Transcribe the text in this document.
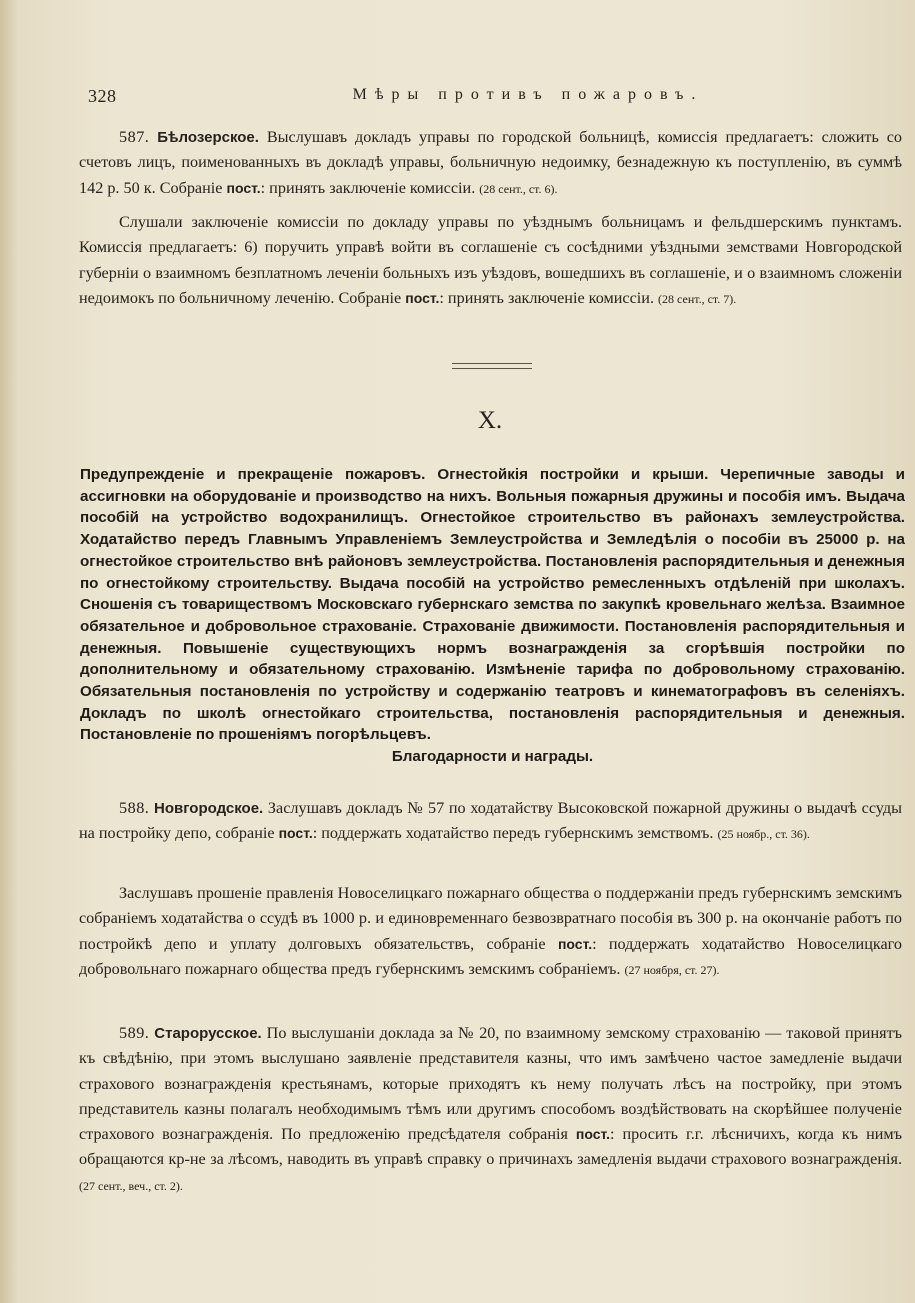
328	Мѣры противъ пожаровъ.

587. Бѣлозерское. Выслушавъ докладъ управы по городской больницѣ, комиссія предлагаетъ: сложить со счетовъ лицъ, поименованныхъ въ докладѣ управы, больничную недоимку, безнадежную къ поступленію, въ суммѣ 142 р. 50 к. Собраніе пост.: принять заключеніе комиссіи. (28 сент., ст. 6).

Слушали заключеніе комиссіи по докладу управы по уѣзднымъ больницамъ и фельдшерскимъ пунктамъ. Комиссія предлагаетъ: 6) поручить управѣ войти въ соглашеніе съ сосѣдними уѣздными земствами Новгородской губерніи о взаимномъ безплатномъ леченіи больныхъ изъ уѣздовъ, вошедшихъ въ соглашеніе, и о взаимномъ сложеніи недоимокъ по больничному леченію. Собраніе пост.: принять заключеніе комиссіи. (28 сент., ст. 7).

X.
Предупрежденіе и прекращеніе пожаровъ. Огнестойкія постройки и крыши. Черепичные заводы и ассигновки на оборудованіе и производство на нихъ. Вольныя пожарныя дружины и пособія имъ. Выдача пособій на устройство водохранилищъ. Огнестойкое строительство въ районахъ землеустройства. Ходатайство передъ Главнымъ Управленіемъ Землеустройства и Земледѣлія о пособіи въ 25000 р. на огнестойкое строительство внѣ районовъ землеустройства. Постановленія распорядительныя и денежныя по огнестойкому строительству. Выдача пособій на устройство ремесленныхъ отдѣленій при школахъ. Сношенія съ товариществомъ Московскаго губернскаго земства по закупкѣ кровельнаго желѣза. Взаимное обязательное и добровольное страхованіе. Страхованіе движимости. Постановленія распорядительныя и денежныя. Повышеніе существующихъ нормъ вознагражденія за сгорѣвшія постройки по дополнительному и обязательному страхованію. Измѣненіе тарифа по добровольному страхованію. Обязательныя постановленія по устройству и содержанію театровъ и кинематографовъ въ селеніяхъ. Докладъ по школѣ огнестойкаго строительства, постановленія распорядительныя и денежныя. Постановленіе по прошеніямъ погорѣльцевъ.
Благодарности и награды.

588. Новгородское. Заслушавъ докладъ № 57 по ходатайству Высоковской пожарной дружины о выдачѣ ссуды на постройку депо, собраніе пост.: поддержать ходатайство передъ губернскимъ земствомъ. (25 ноябр., ст. 36).

Заслушавъ прошеніе правленія Новоселицкаго пожарнаго общества о поддержаніи предъ губернскимъ земскимъ собраніемъ ходатайства о ссудѣ въ 1000 р. и единовременнаго безвозвратнаго пособія въ 300 р. на окончаніе работъ по постройкѣ депо и уплату долговыхъ обязательствъ, собраніе пост.: поддержать ходатайство Новоселицкаго добровольнаго пожарнаго общества предъ губернскимъ земскимъ собраніемъ. (27 ноября, ст. 27).

589. Старорусское. По выслушаніи доклада за № 20, по взаимному земскому страхованію — таковой принятъ къ свѣдѣнію, при этомъ выслушано заявленіе представителя казны, что имъ замѣчено частое замедленіе выдачи страхового вознагражденія крестьянамъ, которые приходятъ къ нему получать лѣсъ на постройку, при этомъ представитель казны полагалъ необходимымъ тѣмъ или другимъ способомъ воздѣйствовать на скорѣйшее полученіе страхового вознагражденія. По предложенію предсѣдателя собранія пост.: просить г.г. лѣсничихъ, когда къ нимъ обращаются кр-не за лѣсомъ, наводить въ управѣ справку о причинахъ замедленія выдачи страхового вознагражденія. (27 сент., веч., ст. 2).
